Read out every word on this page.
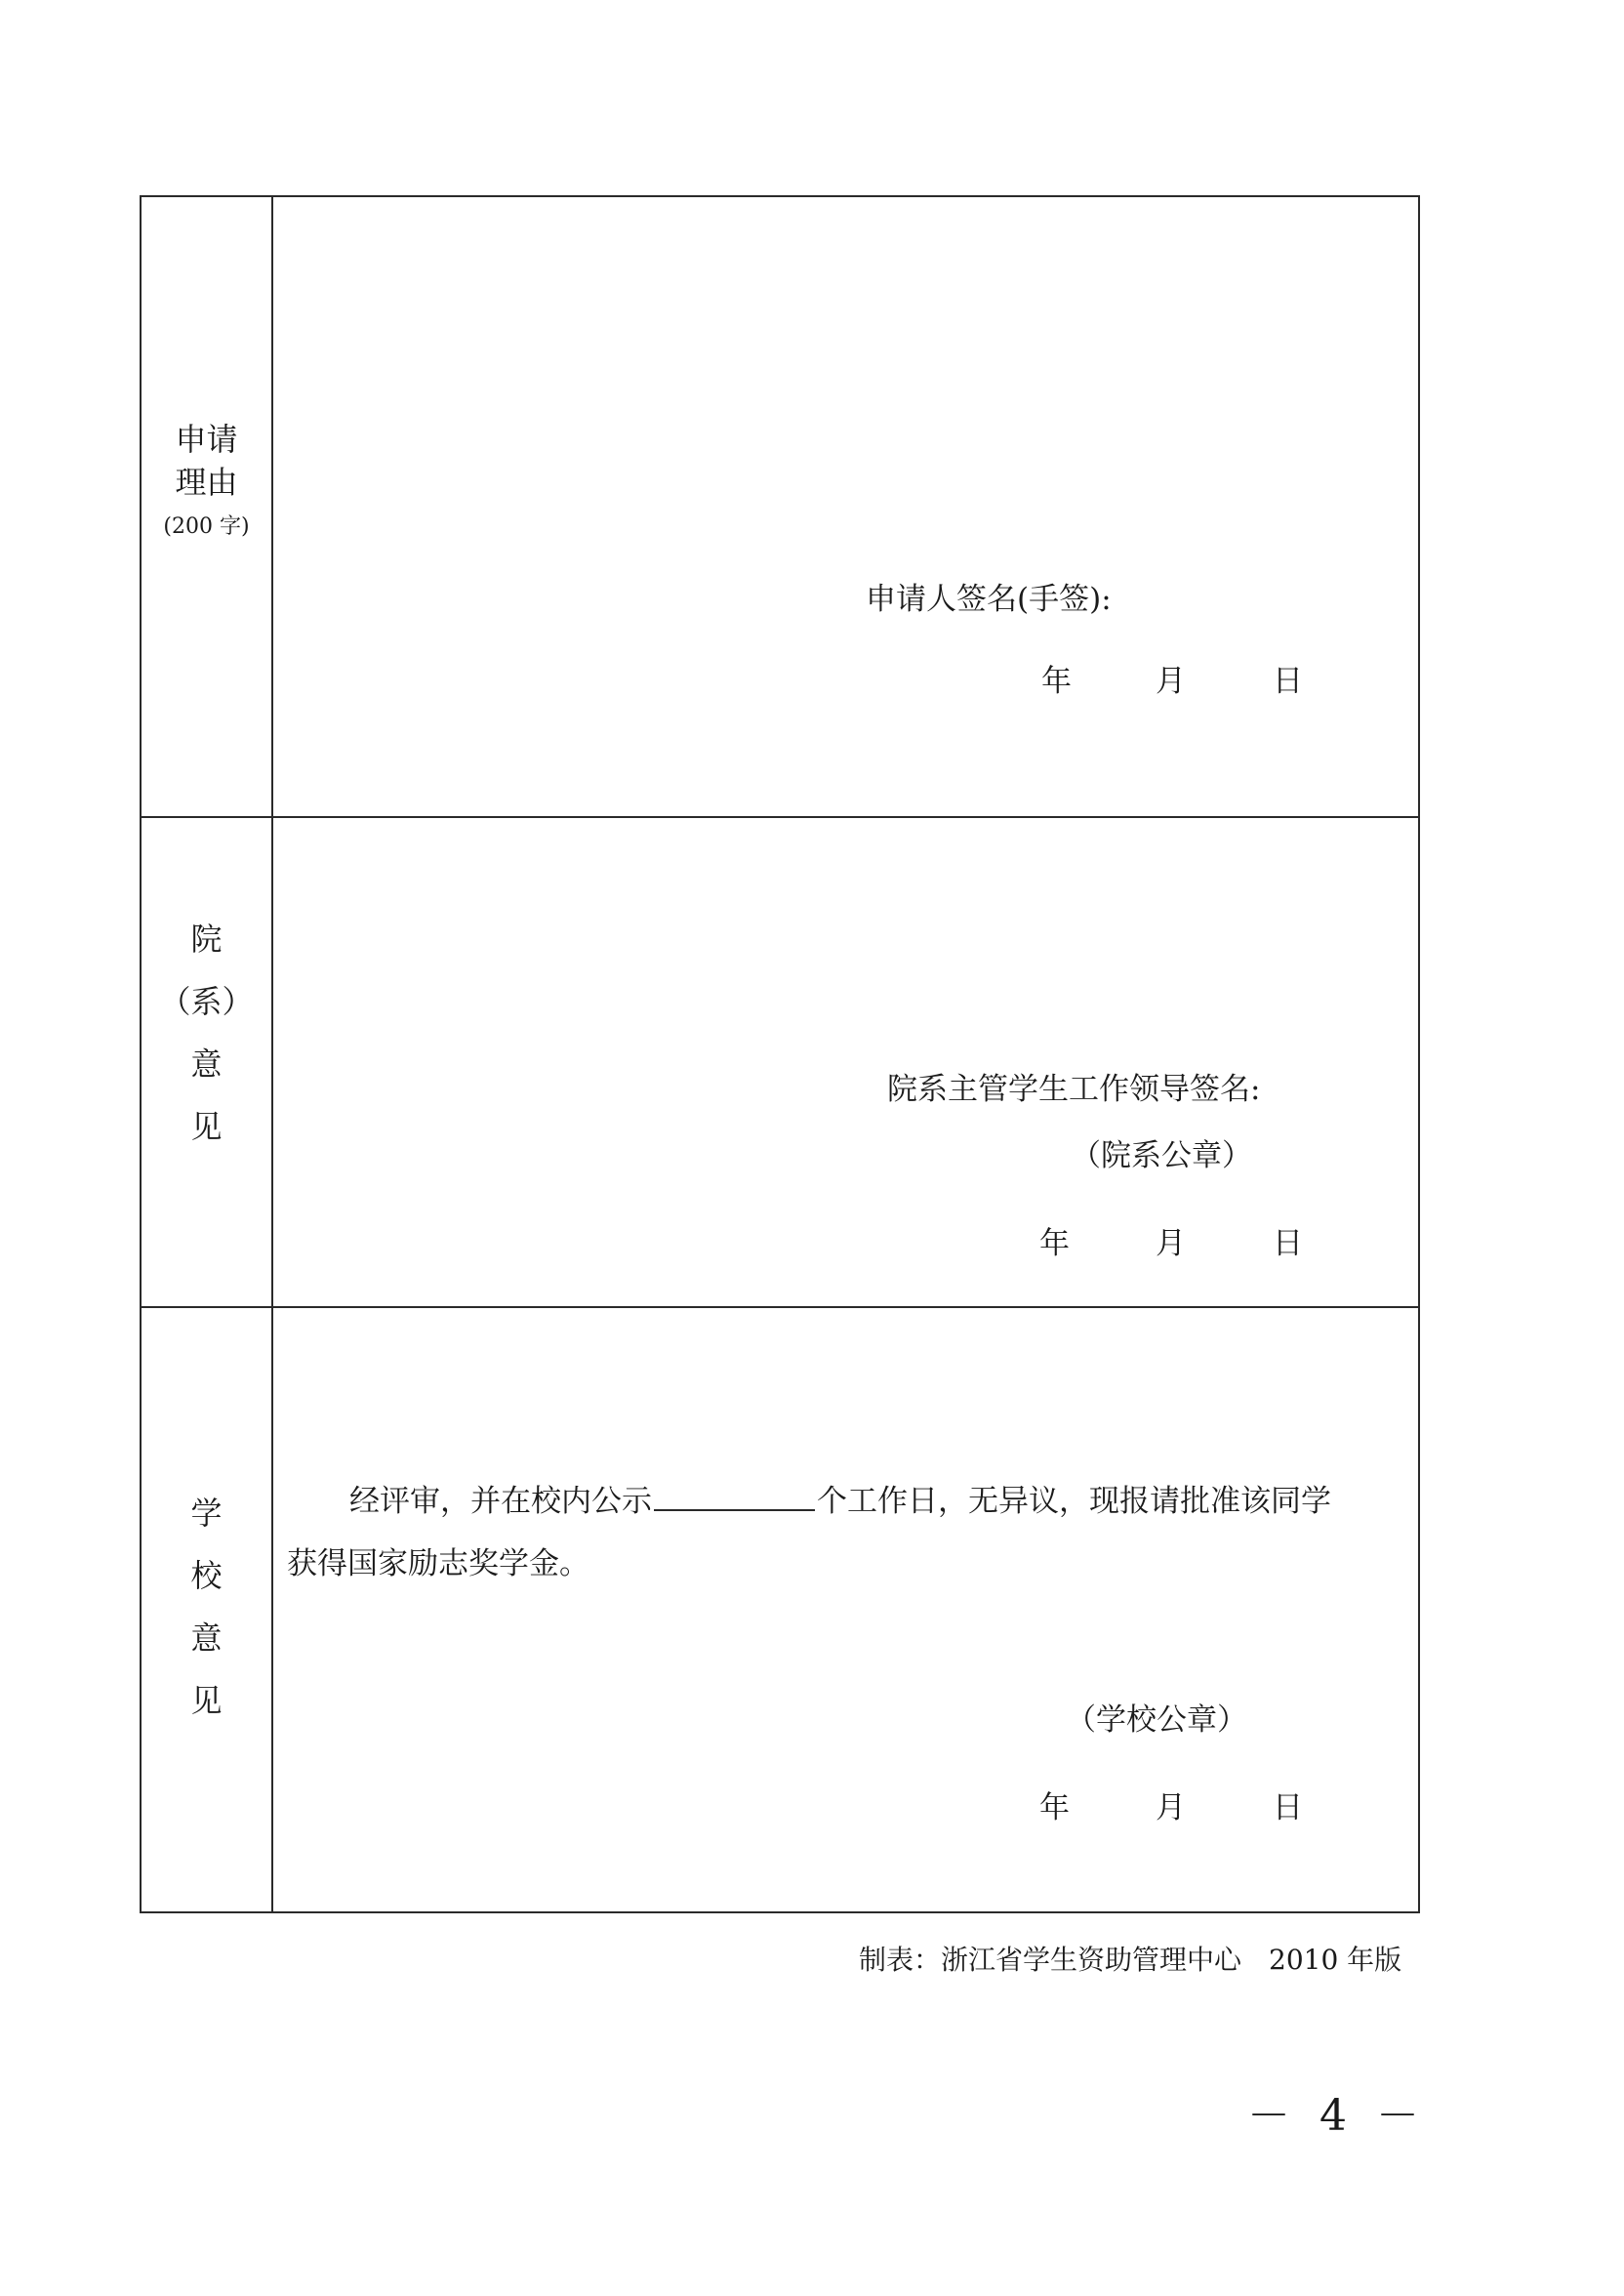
申请
理由
(200 字)
申请人签名(手签):
年	月	日
院
（系）
意
见
院系主管学生工作领导签名:
（院系公章）
年	月	日
学
校
意
见
经评审，并在校内公示	个工作日，无异议，现报请批准该同学
获得国家励志奖学金。
（学校公章）
年	月	日
制表：浙江省学生资助管理中心　2010 年版
－ 4 －
